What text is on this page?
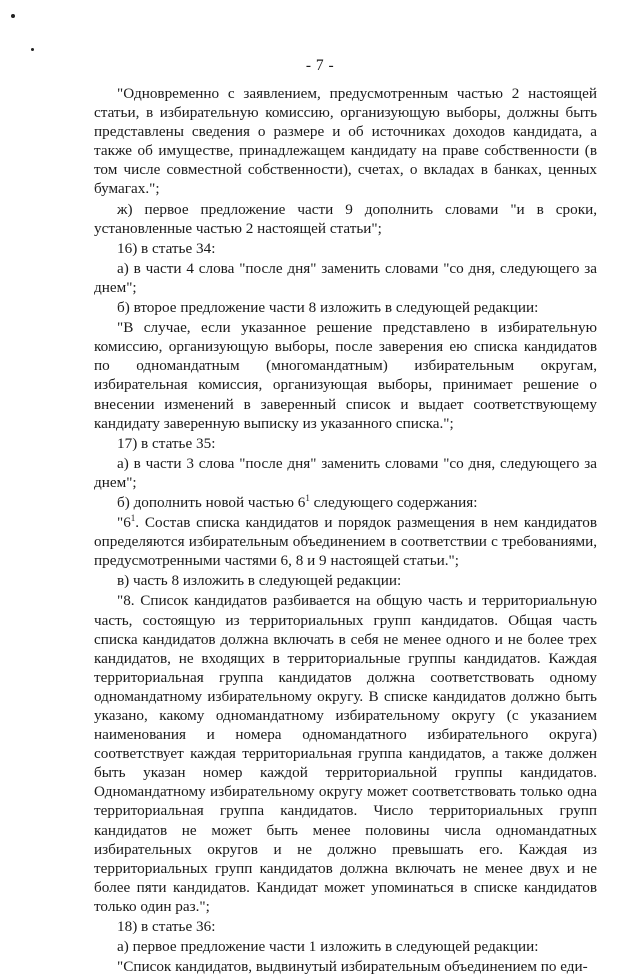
- 7 -

"Одновременно с заявлением, предусмотренным частью 2 настоящей статьи, в избирательную комиссию, организующую выборы, должны быть представлены сведения о размере и об источниках доходов кандидата, а также об имуществе, принадлежащем кандидату на праве собственности (в том числе совместной собственности), счетах, о вкладах в банках, ценных бумагах.";

ж) первое предложение части 9 дополнить словами "и в сроки, установленные частью 2 настоящей статьи";

16) в статье 34:

а) в части 4 слова "после дня" заменить словами "со дня, следующего за днем";

б) второе предложение части 8 изложить в следующей редакции:

"В случае, если указанное решение представлено в избирательную комиссию, организующую выборы, после заверения ею списка кандидатов по одномандатным (многомандатным) избирательным округам, избирательная комиссия, организующая выборы, принимает решение о внесении изменений в заверенный список и выдает соответствующему кандидату заверенную выписку из указанного списка.";

17) в статье 35:

а) в части 3 слова "после дня" заменить словами "со дня, следующего за днем";

б) дополнить новой частью $6^1$ следующего содержания:

"$6^1$. Состав списка кандидатов и порядок размещения в нем кандидатов определяются избирательным объединением в соответствии с требованиями, предусмотренными частями 6, 8 и 9 настоящей статьи.";

в) часть 8 изложить в следующей редакции:

"8. Список кандидатов разбивается на общую часть и территориальную часть, состоящую из территориальных групп кандидатов. Общая часть списка кандидатов должна включать в себя не менее одного и не более трех кандидатов, не входящих в территориальные группы кандидатов. Каждая территориальная группа кандидатов должна соответствовать одному одномандатному избирательному округу. В списке кандидатов должно быть указано, какому одномандатному избирательному округу (с указанием наименования и номера одномандатного избирательного округа) соответствует каждая территориальная группа кандидатов, а также должен быть указан номер каждой территориальной группы кандидатов. Одномандатному избирательному округу может соответствовать только одна территориальная группа кандидатов. Число территориальных групп кандидатов не может быть менее половины числа одномандатных избирательных округов и не должно превышать его. Каждая из территориальных групп кандидатов должна включать не менее двух и не более пяти кандидатов. Кандидат может упоминаться в списке кандидатов только один раз.";

18) в статье 36:

а) первое предложение части 1 изложить в следующей редакции:

"Список кандидатов, выдвинутый избирательным объединением по еди-
